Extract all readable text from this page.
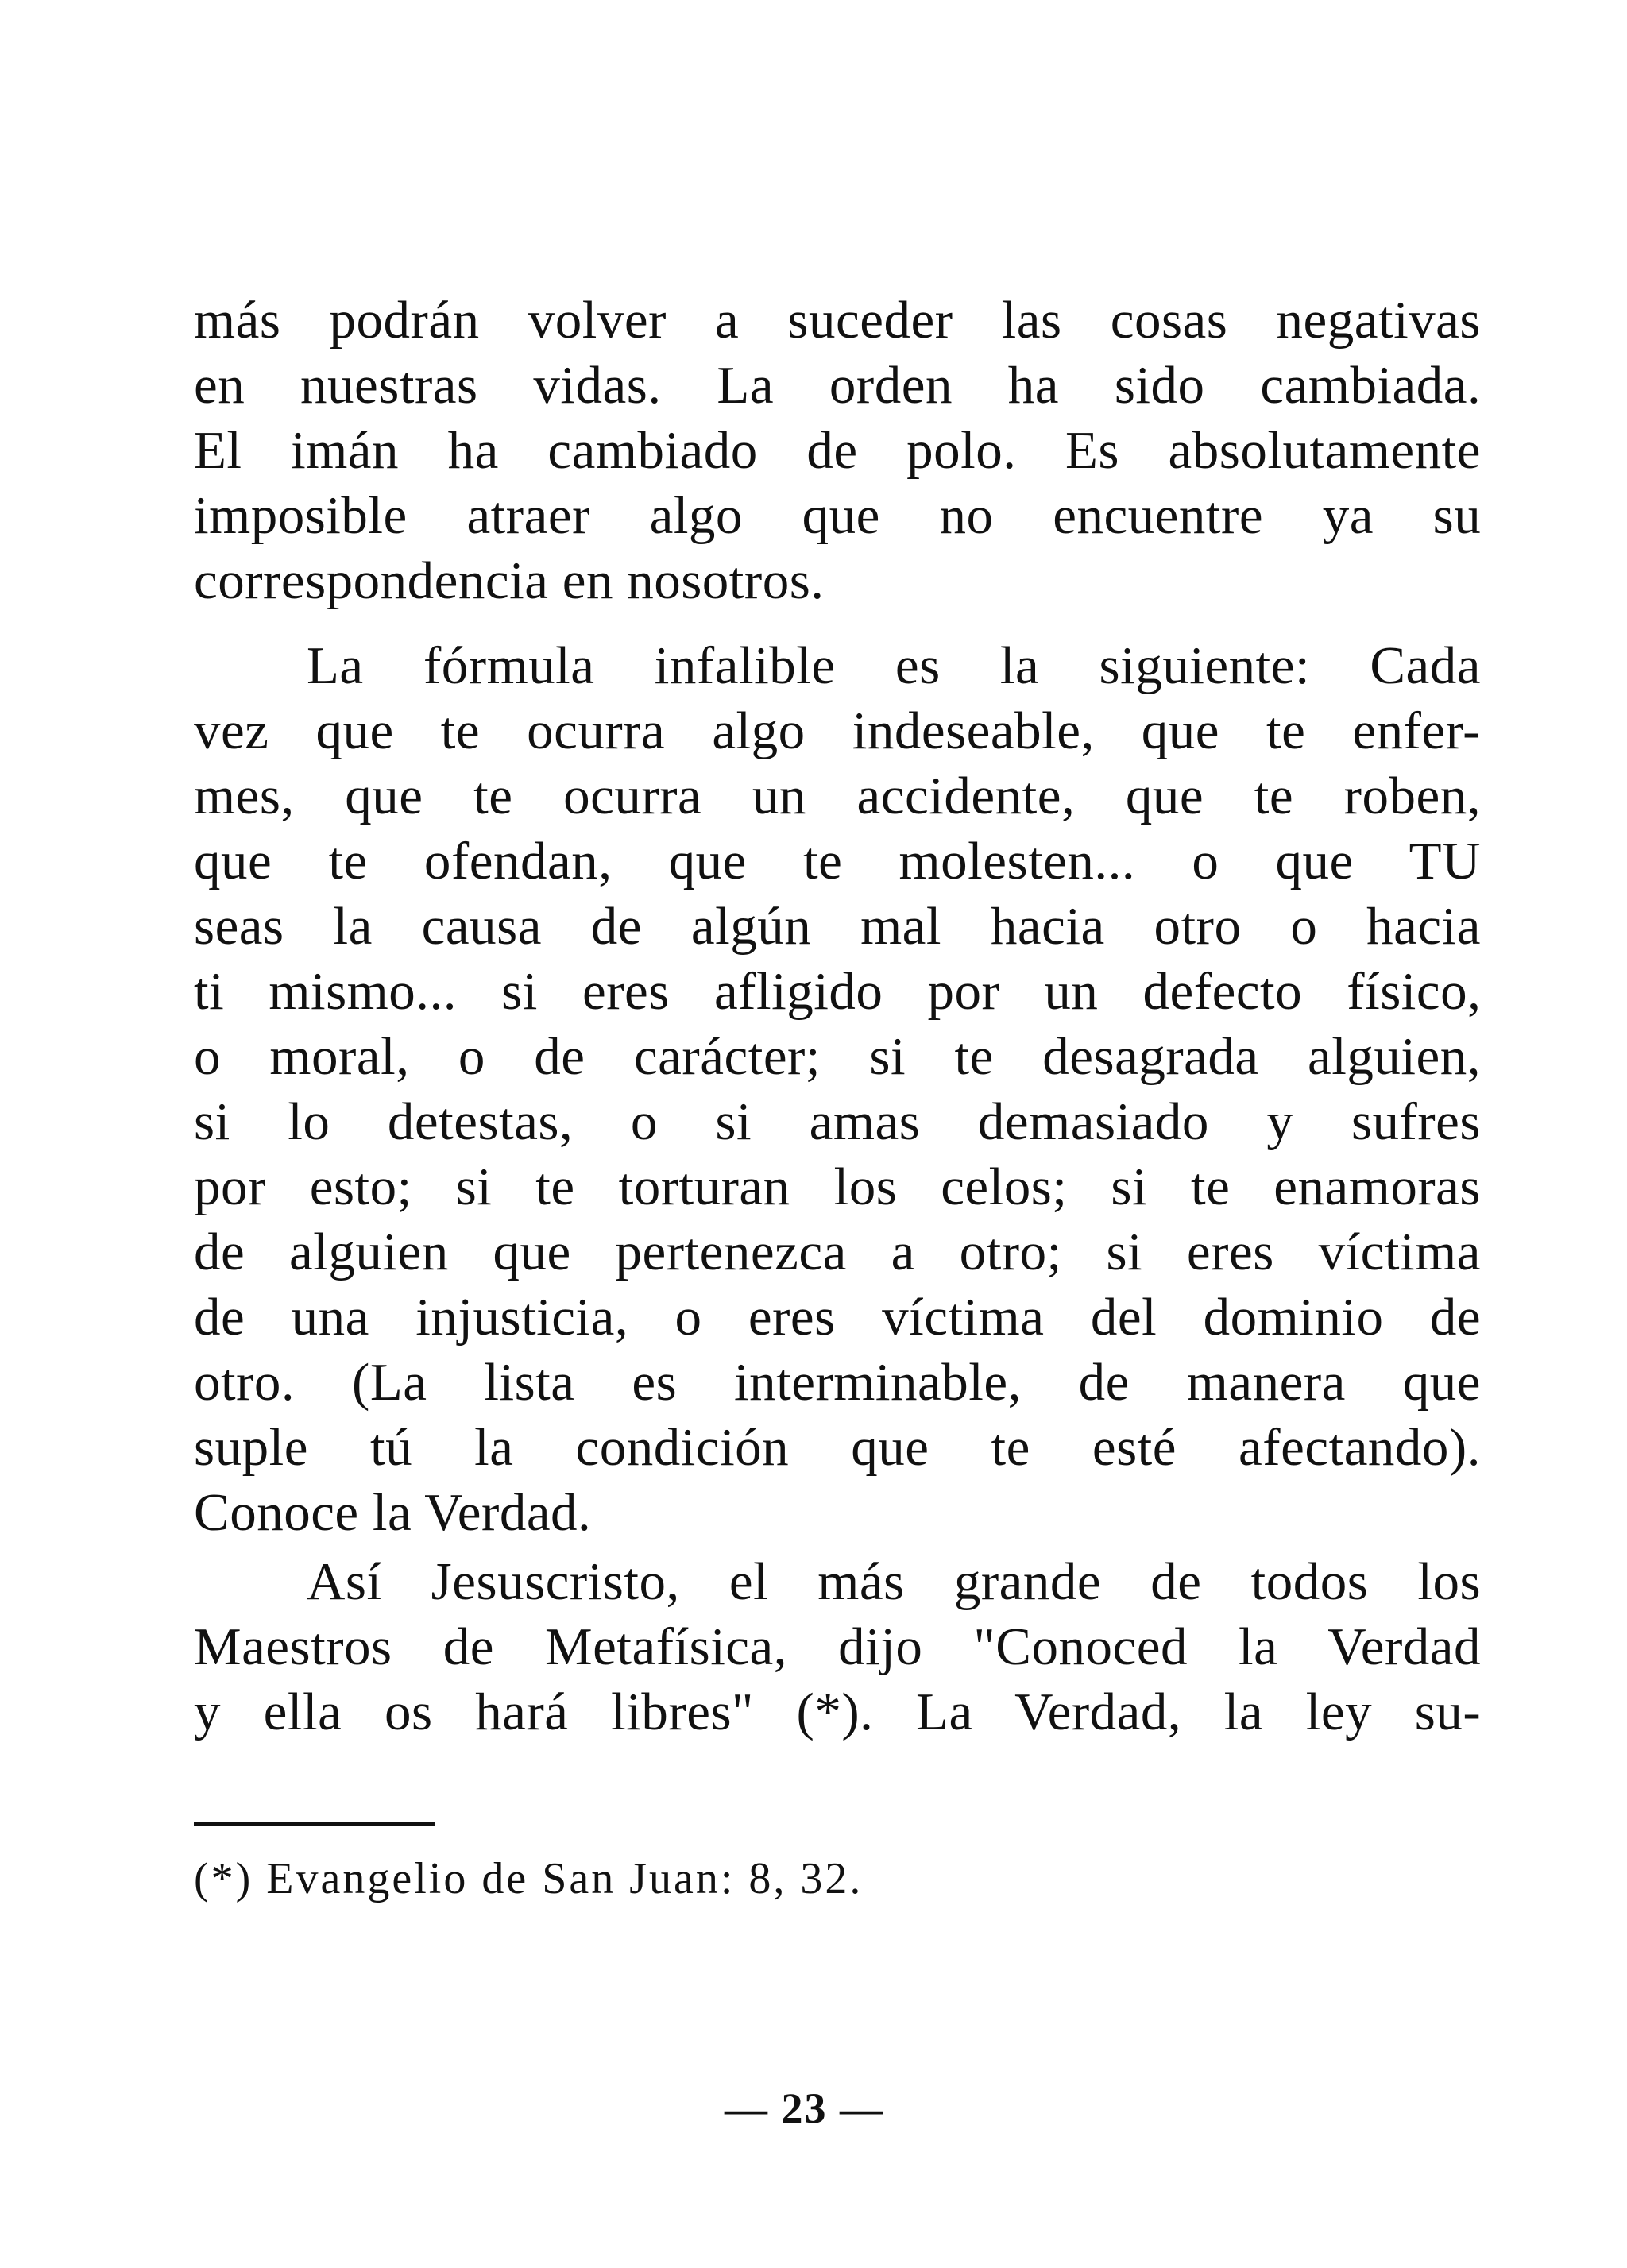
más podrán volver a suceder las cosas negativas
en nuestras vidas. La orden ha sido cambiada.
El imán ha cambiado de polo. Es absolutamente
imposible atraer algo que no encuentre ya su
correspondencia en nosotros.
La fórmula infalible es la siguiente: Cada
vez que te ocurra algo indeseable, que te enfer-
mes, que te ocurra un accidente, que te roben,
que te ofendan, que te molesten... o que TU
seas la causa de algún mal hacia otro o hacia
ti mismo... si eres afligido por un defecto físico,
o moral, o de carácter; si te desagrada alguien,
si lo detestas, o si amas demasiado y sufres
por esto; si te torturan los celos; si te enamoras
de alguien que pertenezca a otro; si eres víctima
de una injusticia, o eres víctima del dominio de
otro. (La lista es interminable, de manera que
suple tú la condición que te esté afectando).
Conoce la Verdad.
Así Jesuscristo, el más grande de todos los
Maestros de Metafísica, dijo "Conoced la Verdad
y ella os hará libres" (*). La Verdad, la ley su-
(*) Evangelio de San Juan: 8, 32.
— 23 —
